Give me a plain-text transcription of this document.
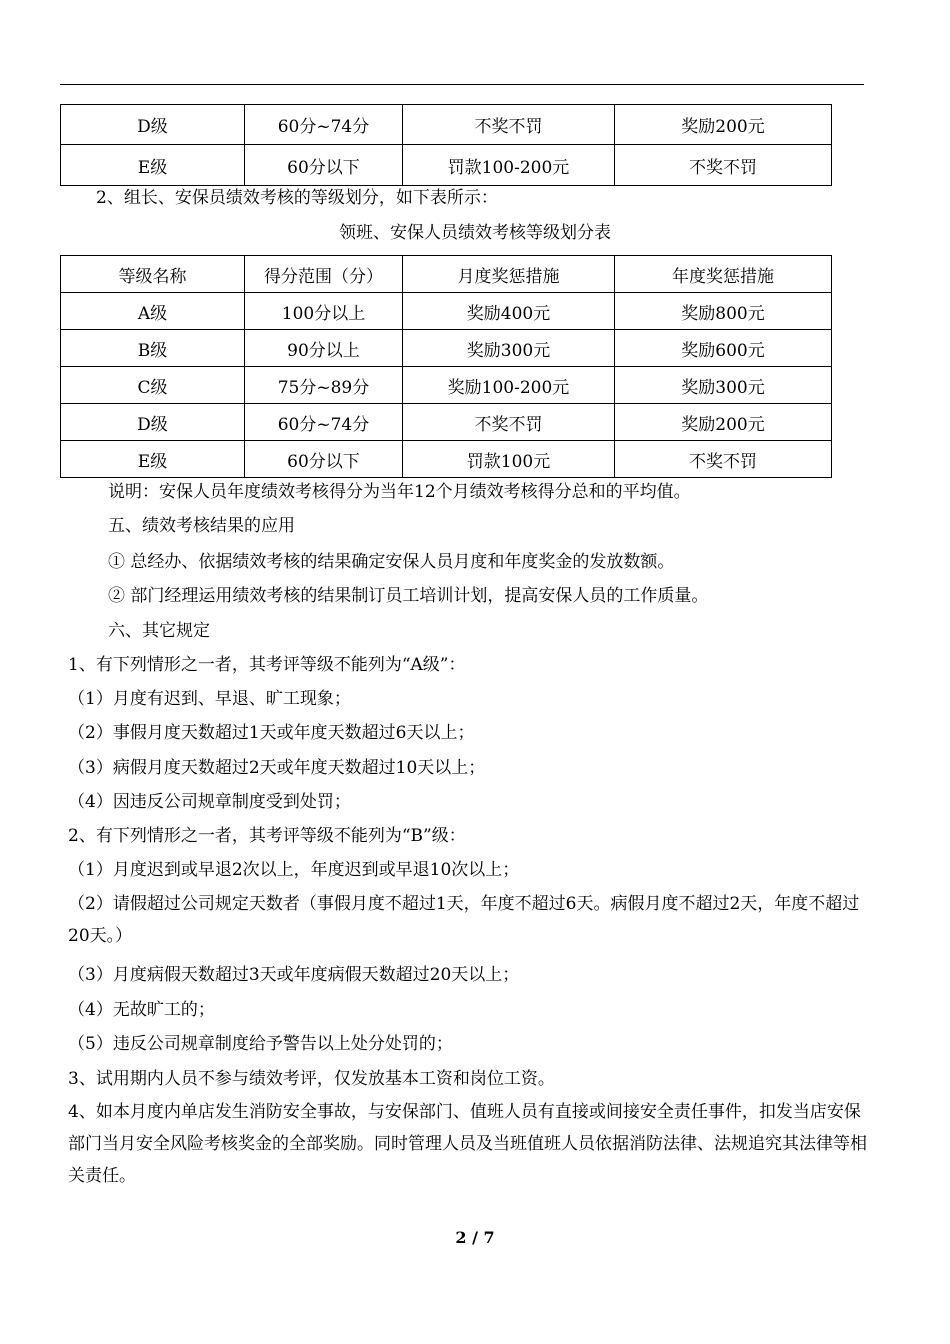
D级	60分~74分	不奖不罚	奖励200元
E级	60分以下	罚款100-200元	不奖不罚
2、组长、安保员绩效考核的等级划分，如下表所示：
领班、安保人员绩效考核等级划分表
等级名称	得分范围（分）	月度奖惩措施	年度奖惩措施
A级	100分以上	奖励400元	奖励800元
B级	90分以上	奖励300元	奖励600元
C级	75分~89分	奖励100-200元	奖励300元
D级	60分~74分	不奖不罚	奖励200元
E级	60分以下	罚款100元	不奖不罚
说明：安保人员年度绩效考核得分为当年12个月绩效考核得分总和的平均值。
五、绩效考核结果的应用
① 总经办、依据绩效考核的结果确定安保人员月度和年度奖金的发放数额。
② 部门经理运用绩效考核的结果制订员工培训计划，提高安保人员的工作质量。
六、其它规定
1、有下列情形之一者，其考评等级不能列为“A级”：
（1）月度有迟到、早退、旷工现象；
（2）事假月度天数超过1天或年度天数超过6天以上；
（3）病假月度天数超过2天或年度天数超过10天以上；
（4）因违反公司规章制度受到处罚；
2、有下列情形之一者，其考评等级不能列为“B”级：
（1）月度迟到或早退2次以上，年度迟到或早退10次以上；
（2）请假超过公司规定天数者（事假月度不超过1天，年度不超过6天。病假月度不超过2天，年度不超过20天。）
（3）月度病假天数超过3天或年度病假天数超过20天以上；
（4）无故旷工的；
（5）违反公司规章制度给予警告以上处分处罚的；
3、试用期内人员不参与绩效考评，仅发放基本工资和岗位工资。
4、如本月度内单店发生消防安全事故，与安保部门、值班人员有直接或间接安全责任事件，扣发当店安保部门当月安全风险考核奖金的全部奖励。同时管理人员及当班值班人员依据消防法律、法规追究其法律等相关责任。
2 / 7
